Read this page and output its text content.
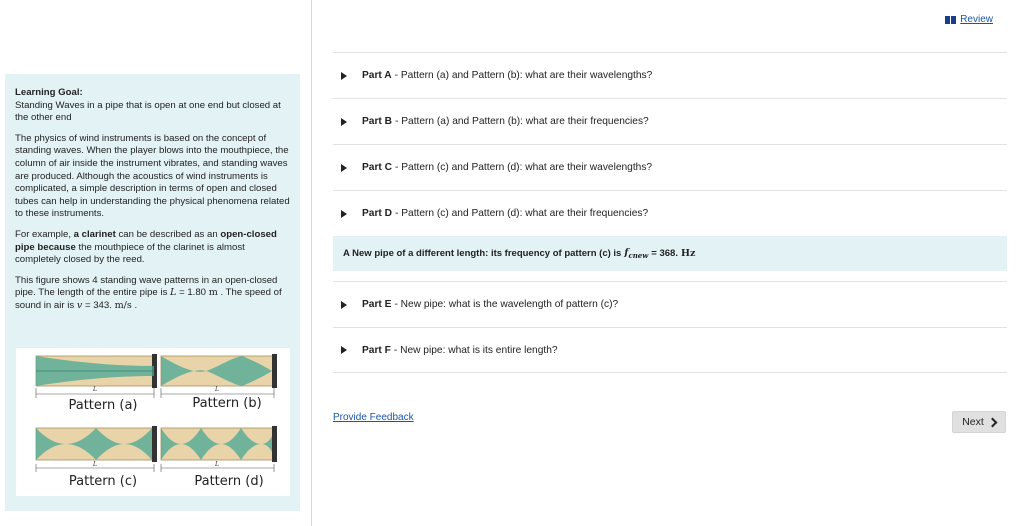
Learning Goal:
Standing Waves in a pipe that is open at one end but closed at the other end

The physics of wind instruments is based on the concept of standing waves. When the player blows into the mouthpiece, the column of air inside the instrument vibrates, and standing waves are produced. Although the acoustics of wind instruments is complicated, a simple description in terms of open and closed tubes can help in understanding the physical phenomena related to these instruments.

For example, a clarinet can be described as an open-closed pipe because the mouthpiece of the clarinet is almost completely closed by the reed.

This figure shows 4 standing wave patterns in an open-closed pipe. The length of the entire pipe is L = 1.80 m . The speed of sound in air is v = 343. m/s .

L	L
L	L
Pattern (a)	Pattern (b)
Pattern (c)	Pattern (d)
Review
Part A - Pattern (a) and Pattern (b): what are their wavelengths?
Part B - Pattern (a) and Pattern (b): what are their frequencies?
Part C - Pattern (c) and Pattern (d): what are their wavelengths?
Part D - Pattern (c) and Pattern (d): what are their frequencies?
A New pipe of a different length: its frequency of pattern (c) is $f_{cnew} = 368$. Hz
Part E - New pipe: what is the wavelength of pattern (c)?
Part F - New pipe: what is its entire length?
Provide Feedback	Next
